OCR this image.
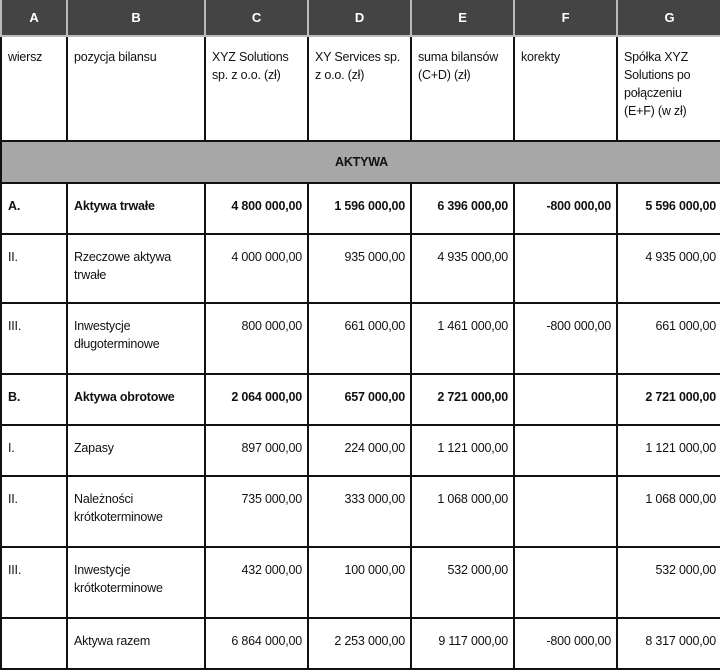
A	B	C	D	E	F	G
wiersz	pozycja bilansu	XYZ Solutions sp. z o.o. (zł)	XY Services sp. z o.o. (zł)	suma bilansów (C+D) (zł)	korekty	Spółka XYZ Solutions po połączeniu (E+F) (w zł)
AKTYWA						
A.	Aktywa trwałe	4 800 000,00	1 596 000,00	6 396 000,00	-800 000,00	5 596 000,00
II.	Rzeczowe aktywa trwałe	4 000 000,00	935 000,00	4 935 000,00		4 935 000,00
III.	Inwestycje długoterminowe	800 000,00	661 000,00	1 461 000,00	-800 000,00	661 000,00
B.	Aktywa obrotowe	2 064 000,00	657 000,00	2 721 000,00		2 721 000,00
I.	Zapasy	897 000,00	224 000,00	1 121 000,00		1 121 000,00
II.	Należności krótkoterminowe	735 000,00	333 000,00	1 068 000,00		1 068 000,00
III.	Inwestycje krótkoterminowe	432 000,00	100 000,00	532 000,00		532 000,00
	Aktywa razem	6 864 000,00	2 253 000,00	9 117 000,00	-800 000,00	8 317 000,00
